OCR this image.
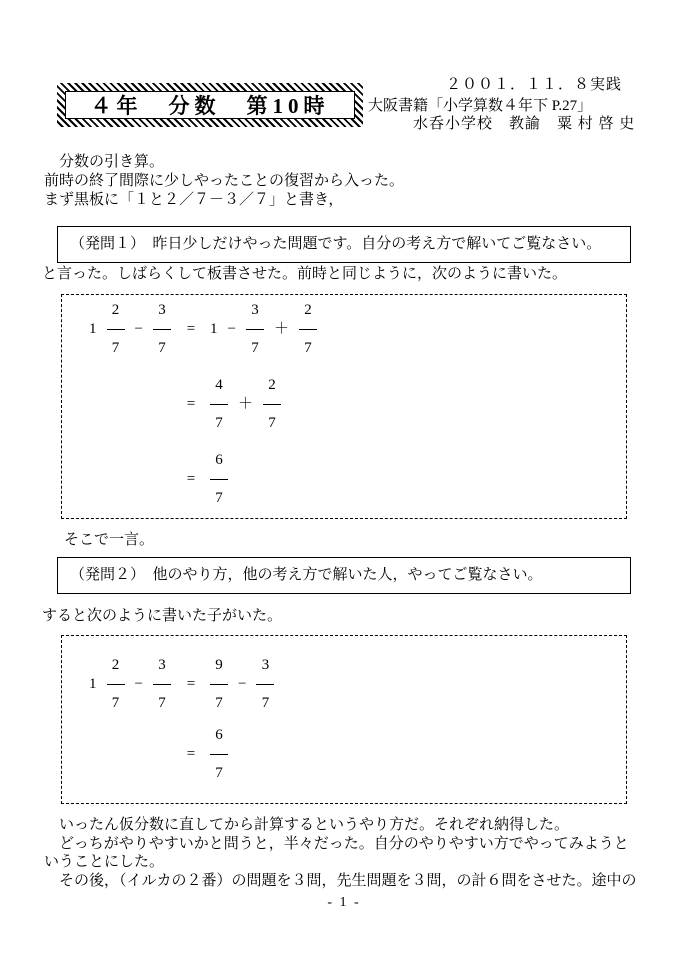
２００１．１１．８実践
４年　分数　第10時	大阪書籍「小学算数４年下 P.27」
水呑小学校　教諭　粟 村 啓 史
　分数の引き算。
前時の終了間際に少しやったことの復習から入った。
まず黒板に「１と２／７－３／７」と書き，
（発問１）　昨日少しだけやった問題です。自分の考え方で解いてご覧なさい。
と言った。しばらくして板書させた。前時と同じように，次のように書いた。
$1 \frac{2}{7} - \frac{3}{7} = 1 - \frac{3}{7} + \frac{2}{7}$
= $\frac{4}{7} + \frac{2}{7}$
= $\frac{6}{7}$
そこで一言。
（発問２）　他のやり方，他の考え方で解いた人，やってご覧なさい。
すると次のように書いた子がいた。
$1 \frac{2}{7} - \frac{3}{7} = \frac{9}{7} - \frac{3}{7}$
= $\frac{6}{7}$
　いったん仮分数に直してから計算するというやり方だ。それぞれ納得した。
　どっちがやりやすいかと問うと，半々だった。自分のやりやすい方でやってみようと
いうことにした。
　その後，（イルカの２番）の問題を３問，先生問題を３問，の計６問をさせた。途中の
- 1 -
